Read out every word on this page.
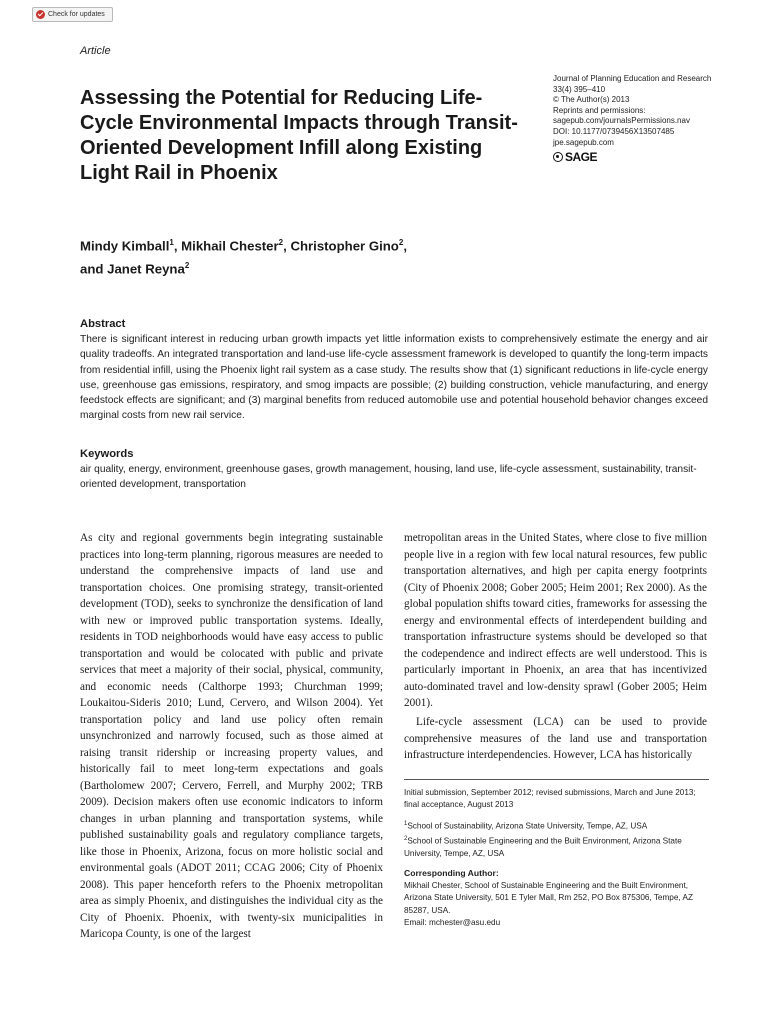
Check for updates
Article
Assessing the Potential for Reducing Life-Cycle Environmental Impacts through Transit-Oriented Development Infill along Existing Light Rail in Phoenix
Journal of Planning Education and Research
33(4) 395–410
© The Author(s) 2013
Reprints and permissions:
sagepub.com/journalsPermissions.nav
DOI: 10.1177/0739456X13507485
jpe.sagepub.com
SAGE
Mindy Kimball$^1$, Mikhail Chester$^2$, Christopher Gino$^2$,
and Janet Reyna$^2$
Abstract

There is significant interest in reducing urban growth impacts yet little information exists to comprehensively estimate the energy and air quality tradeoffs. An integrated transportation and land-use life-cycle assessment framework is developed to quantify the long-term impacts from residential infill, using the Phoenix light rail system as a case study. The results show that (1) significant reductions in life-cycle energy use, greenhouse gas emissions, respiratory, and smog impacts are possible; (2) building construction, vehicle manufacturing, and energy feedstock effects are significant; and (3) marginal benefits from reduced automobile use and potential household behavior changes exceed marginal costs from new rail service.

Keywords

air quality, energy, environment, greenhouse gases, growth management, housing, land use, life-cycle assessment, sustainability, transit-oriented development, transportation

As city and regional governments begin integrating sustainable practices into long-term planning, rigorous measures are needed to understand the comprehensive impacts of land use and transportation choices. One promising strategy, transit-oriented development (TOD), seeks to synchronize the densification of land with new or improved public transportation systems. Ideally, residents in TOD neighborhoods would have easy access to public transportation and would be colocated with public and private services that meet a majority of their social, physical, community, and economic needs (Calthorpe 1993; Churchman 1999; Loukaitou-Sideris 2010; Lund, Cervero, and Wilson 2004). Yet transportation policy and land use policy often remain unsynchronized and narrowly focused, such as those aimed at raising transit ridership or increasing property values, and historically fail to meet long-term expectations and goals (Bartholomew 2007; Cervero, Ferrell, and Murphy 2002; TRB 2009). Decision makers often use economic indicators to inform changes in urban planning and transportation systems, while published sustainability goals and regulatory compliance targets, like those in Phoenix, Arizona, focus on more holistic social and environmental goals (ADOT 2011; CCAG 2006; City of Phoenix 2008). This paper henceforth refers to the Phoenix metropolitan area as simply Phoenix, and distinguishes the individual city as the City of Phoenix. Phoenix, with twenty-six municipalities in Maricopa County, is one of the largest

metropolitan areas in the United States, where close to five million people live in a region with few local natural resources, few public transportation alternatives, and high per capita energy footprints (City of Phoenix 2008; Gober 2005; Heim 2001; Rex 2000). As the global population shifts toward cities, frameworks for assessing the energy and environmental effects of interdependent building and transportation infrastructure systems should be developed so that the codependence and indirect effects are well understood. This is particularly important in Phoenix, an area that has incentivized auto-dominated travel and low-density sprawl (Gober 2005; Heim 2001).

Life-cycle assessment (LCA) can be used to provide comprehensive measures of the land use and transportation infrastructure interdependencies. However, LCA has historically

Initial submission, September 2012; revised submissions, March and June 2013; final acceptance, August 2013

$^1$School of Sustainability, Arizona State University, Tempe, AZ, USA

$^2$School of Sustainable Engineering and the Built Environment, Arizona State University, Tempe, AZ, USA

Corresponding Author:
Mikhail Chester, School of Sustainable Engineering and the Built Environment, Arizona State University, 501 E Tyler Mall, Rm 252, PO Box 875306, Tempe, AZ 85287, USA.
Email: mchester@asu.edu
